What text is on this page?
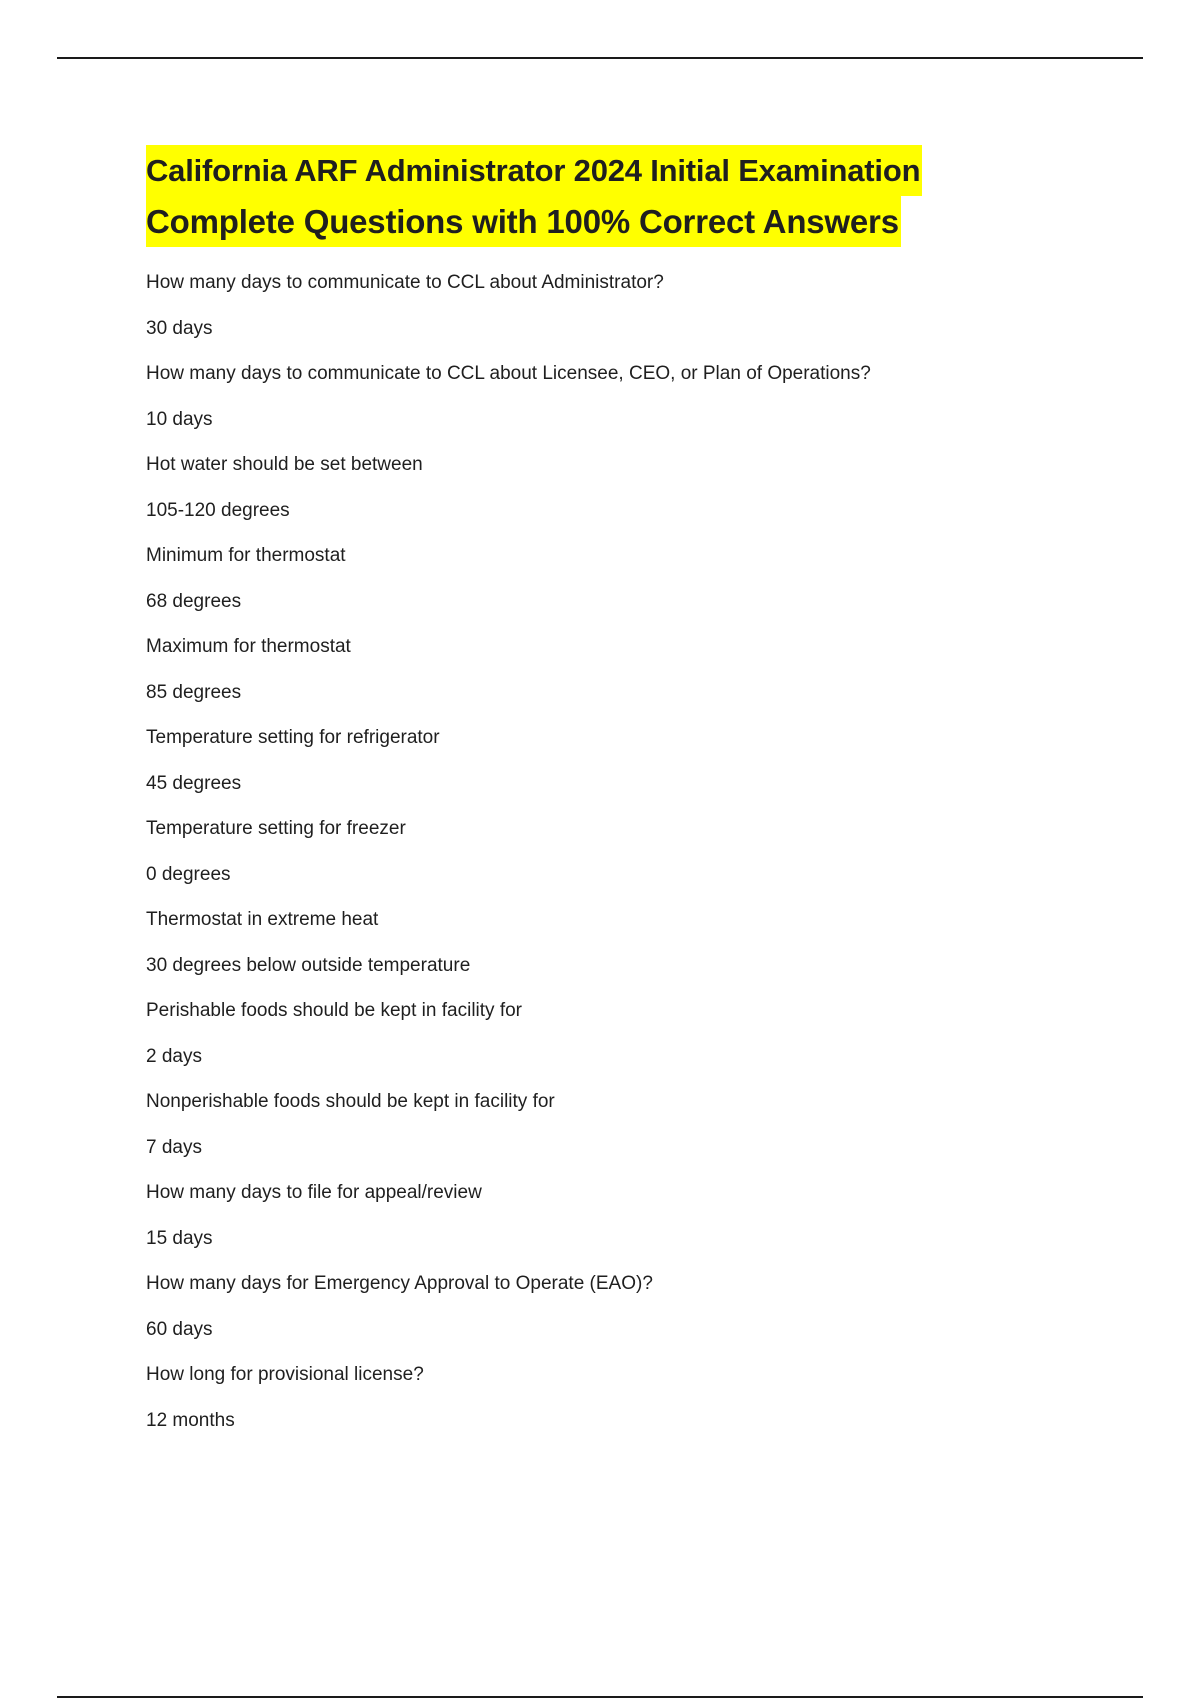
California ARF Administrator 2024 Initial Examination
Complete Questions with 100% Correct Answers

How many days to communicate to CCL about Administrator?

30 days

How many days to communicate to CCL about Licensee, CEO, or Plan of Operations?

10 days

Hot water should be set between

105-120 degrees

Minimum for thermostat

68 degrees

Maximum for thermostat

85 degrees

Temperature setting for refrigerator

45 degrees

Temperature setting for freezer

0 degrees

Thermostat in extreme heat

30 degrees below outside temperature

Perishable foods should be kept in facility for

2 days

Nonperishable foods should be kept in facility for

7 days

How many days to file for appeal/review

15 days

How many days for Emergency Approval to Operate (EAO)?

60 days

How long for provisional license?

12 months
